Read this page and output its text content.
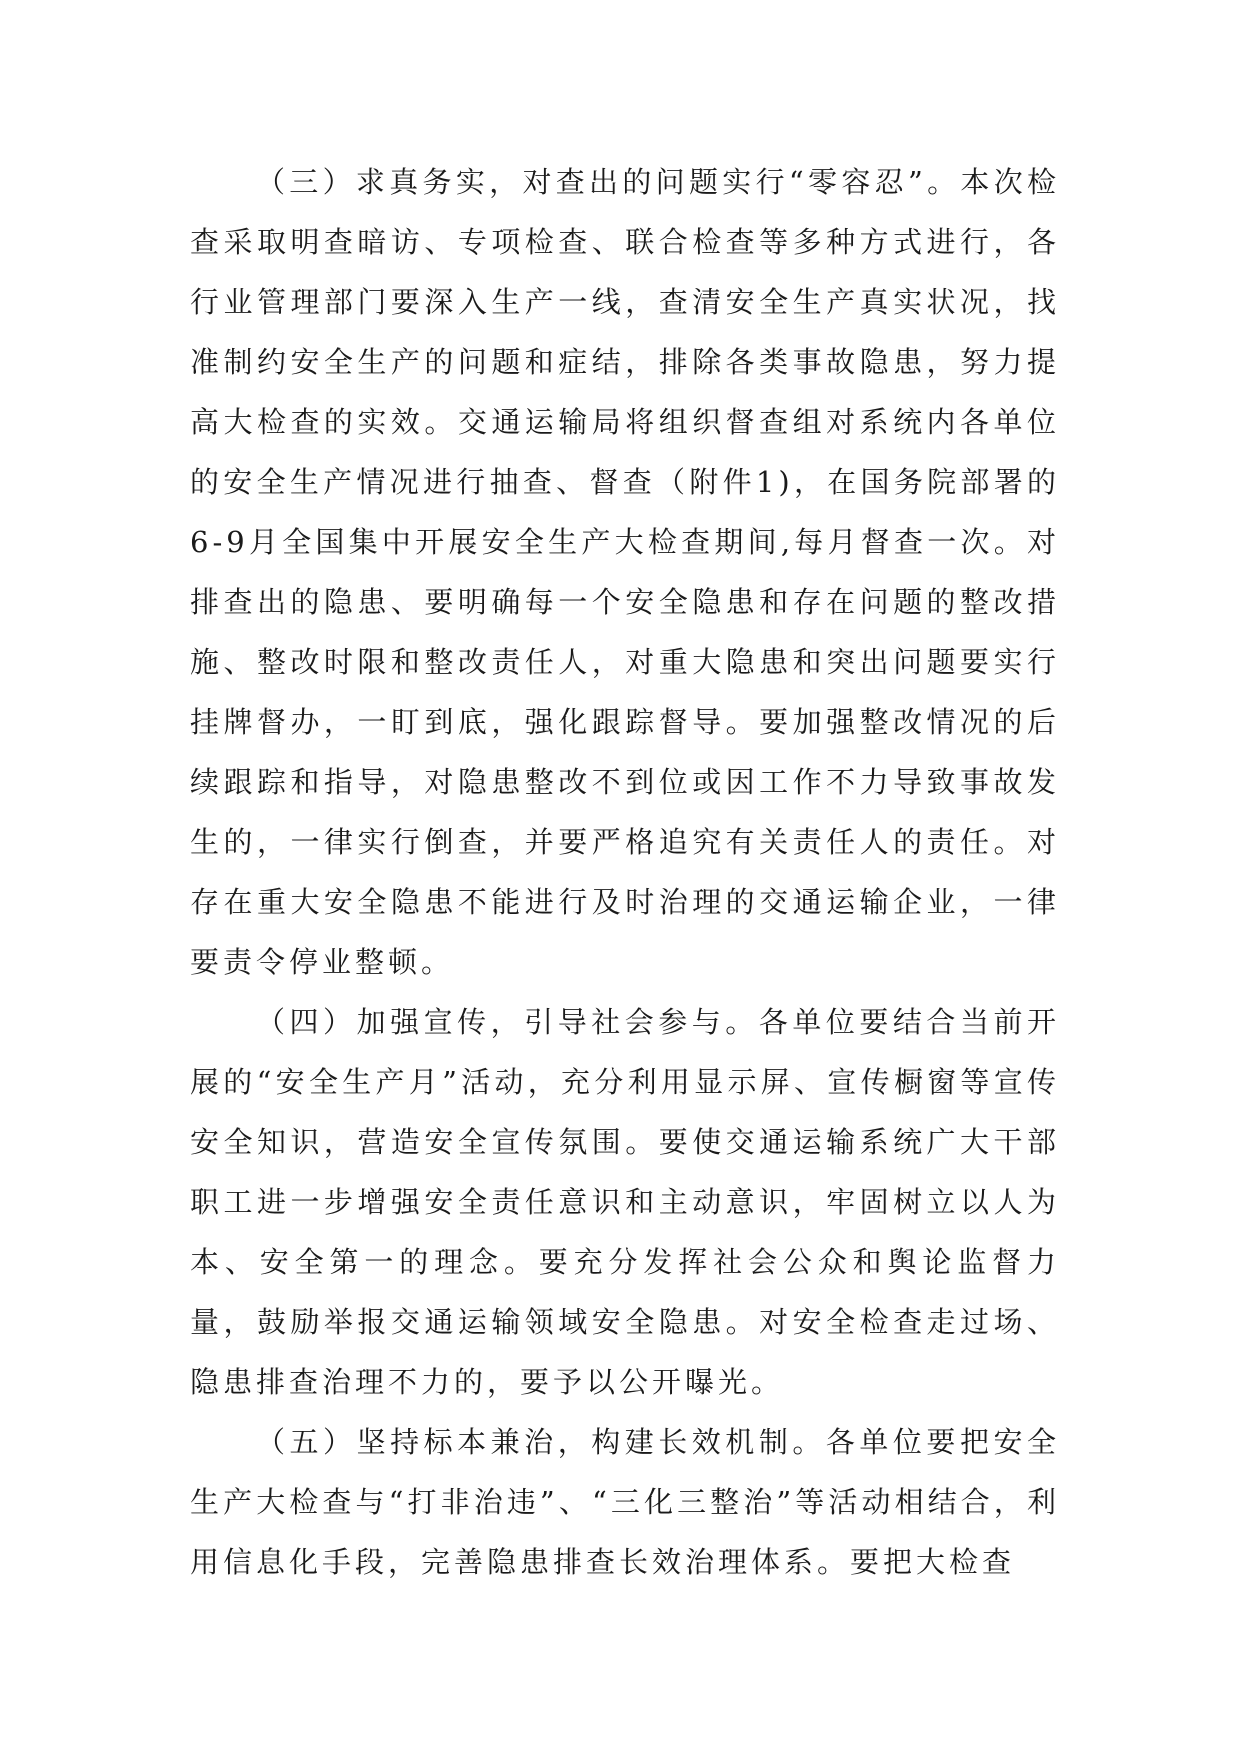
（三）求真务实，对查出的问题实行“零容忍”。本次检查采取明查暗访、专项检查、联合检查等多种方式进行，各行业管理部门要深入生产一线，查清安全生产真实状况，找准制约安全生产的问题和症结，排除各类事故隐患，努力提高大检查的实效。交通运输局将组织督查组对系统内各单位的安全生产情况进行抽查、督查（附件1)，在国务院部署的6-9月全国集中开展安全生产大检查期间,每月督查一次。对排查出的隐患、要明确每一个安全隐患和存在问题的整改措施、整改时限和整改责任人，对重大隐患和突出问题要实行挂牌督办，一盯到底，强化跟踪督导。要加强整改情况的后续跟踪和指导，对隐患整改不到位或因工作不力导致事故发生的，一律实行倒查，并要严格追究有关责任人的责任。对存在重大安全隐患不能进行及时治理的交通运输企业，一律要责令停业整顿。

（四）加强宣传，引导社会参与。各单位要结合当前开展的“安全生产月”活动，充分利用显示屏、宣传橱窗等宣传安全知识，营造安全宣传氛围。要使交通运输系统广大干部职工进一步增强安全责任意识和主动意识，牢固树立以人为本、安全第一的理念。要充分发挥社会公众和舆论监督力量，鼓励举报交通运输领域安全隐患。对安全检查走过场、隐患排查治理不力的，要予以公开曝光。

（五）坚持标本兼治，构建长效机制。各单位要把安全生产大检查与“打非治违”、“三化三整治”等活动相结合，利用信息化手段，完善隐患排查长效治理体系。要把大检查
